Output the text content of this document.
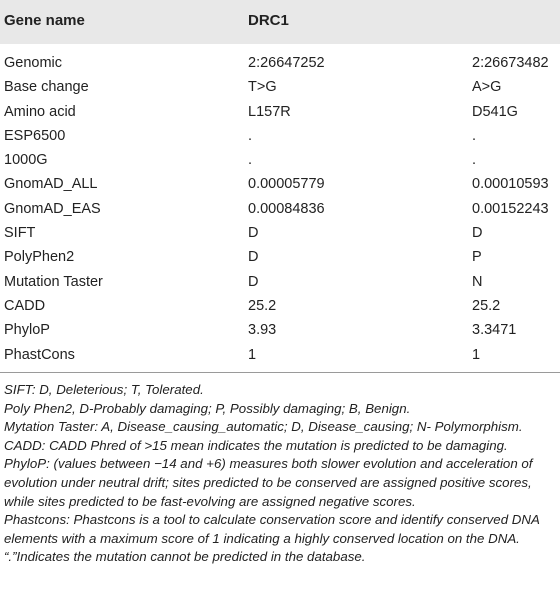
Gene name	DRC1
Genomic	2:26647252	2:26673482
Base change	T>G	A>G
Amino acid	L157R	D541G
ESP6500	.	.
1000G	.	.
GnomAD_ALL	0.00005779	0.00010593
GnomAD_EAS	0.00084836	0.00152243
SIFT	D	D
PolyPhen2	D	P
Mutation Taster	D	N
CADD	25.2	25.2
PhyloP	3.93	3.3471
PhastCons	1	1

SIFT: D, Deleterious; T, Tolerated.

Poly Phen2, D-Probably damaging; P, Possibly damaging; B, Benign.

Mytation Taster: A, Disease_causing_automatic; D, Disease_causing; N- Polymorphism.

CADD: CADD Phred of >15 mean indicates the mutation is predicted to be damaging.

PhyloP: (values between −14 and +6) measures both slower evolution and acceleration of evolution under neutral drift; sites predicted to be conserved are assigned positive scores, while sites predicted to be fast-evolving are assigned negative scores.

Phastcons: Phastcons is a tool to calculate conservation score and identify conserved DNA elements with a maximum score of 1 indicating a highly conserved location on the DNA.

“.”Indicates the mutation cannot be predicted in the database.
